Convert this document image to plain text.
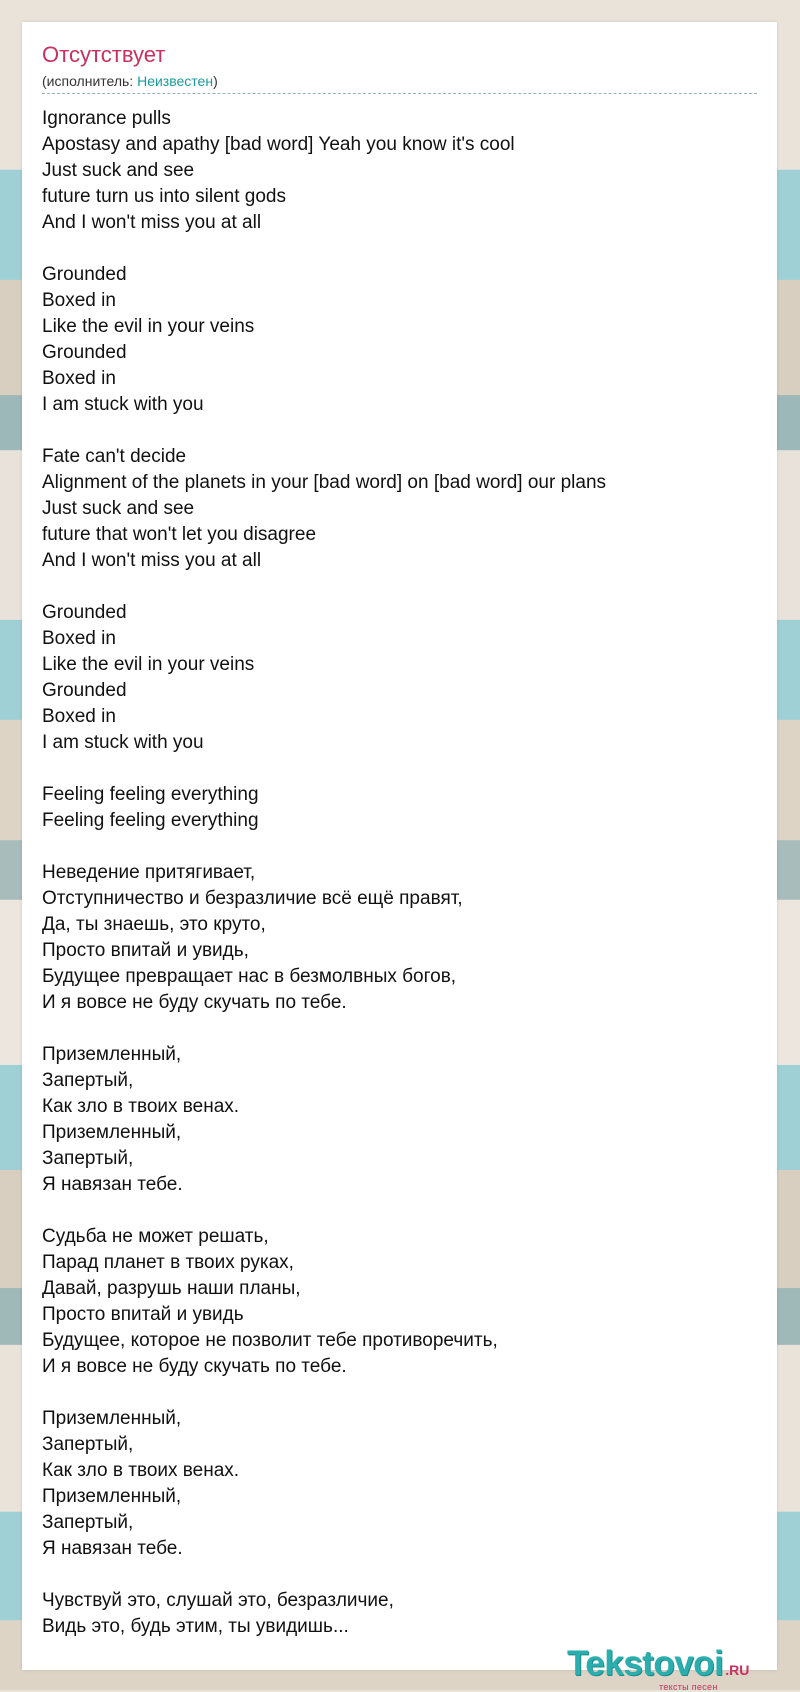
Отсутствует
(исполнитель: Неизвестен)
Ignorance pulls
Apostasy and apathy [bad word] Yeah you know it's cool
Just suck and see
future turn us into silent gods
And I won't miss you at all
Grounded
Boxed in
Like the evil in your veins
Grounded
Boxed in
I am stuck with you
Fate can't decide
Alignment of the planets in your [bad word] on [bad word] our plans
Just suck and see
future that won't let you disagree
And I won't miss you at all
Grounded
Boxed in
Like the evil in your veins
Grounded
Boxed in
I am stuck with you
Feeling feeling everything
Feeling feeling everything
Неведение притягивает,
Отступничество и безразличие всё ещё правят,
Да, ты знаешь, это круто,
Просто впитай и увидь,
Будущее превращает нас в безмолвных богов,
И я вовсе не буду скучать по тебе.
Приземленный,
Запертый,
Как зло в твоих венах.
Приземленный,
Запертый,
Я навязан тебе.
Судьба не может решать,
Парад планет в твоих руках,
Давай, разрушь наши планы,
Просто впитай и увидь
Будущее, которое не позволит тебе противоречить,
И я вовсе не буду скучать по тебе.
Приземленный,
Запертый,
Как зло в твоих венах.
Приземленный,
Запертый,
Я навязан тебе.
Чувствуй это, слушай это, безразличие,
Видь это, будь этим, ты увидишь...
Tekstovoi .RU
тексты песен
